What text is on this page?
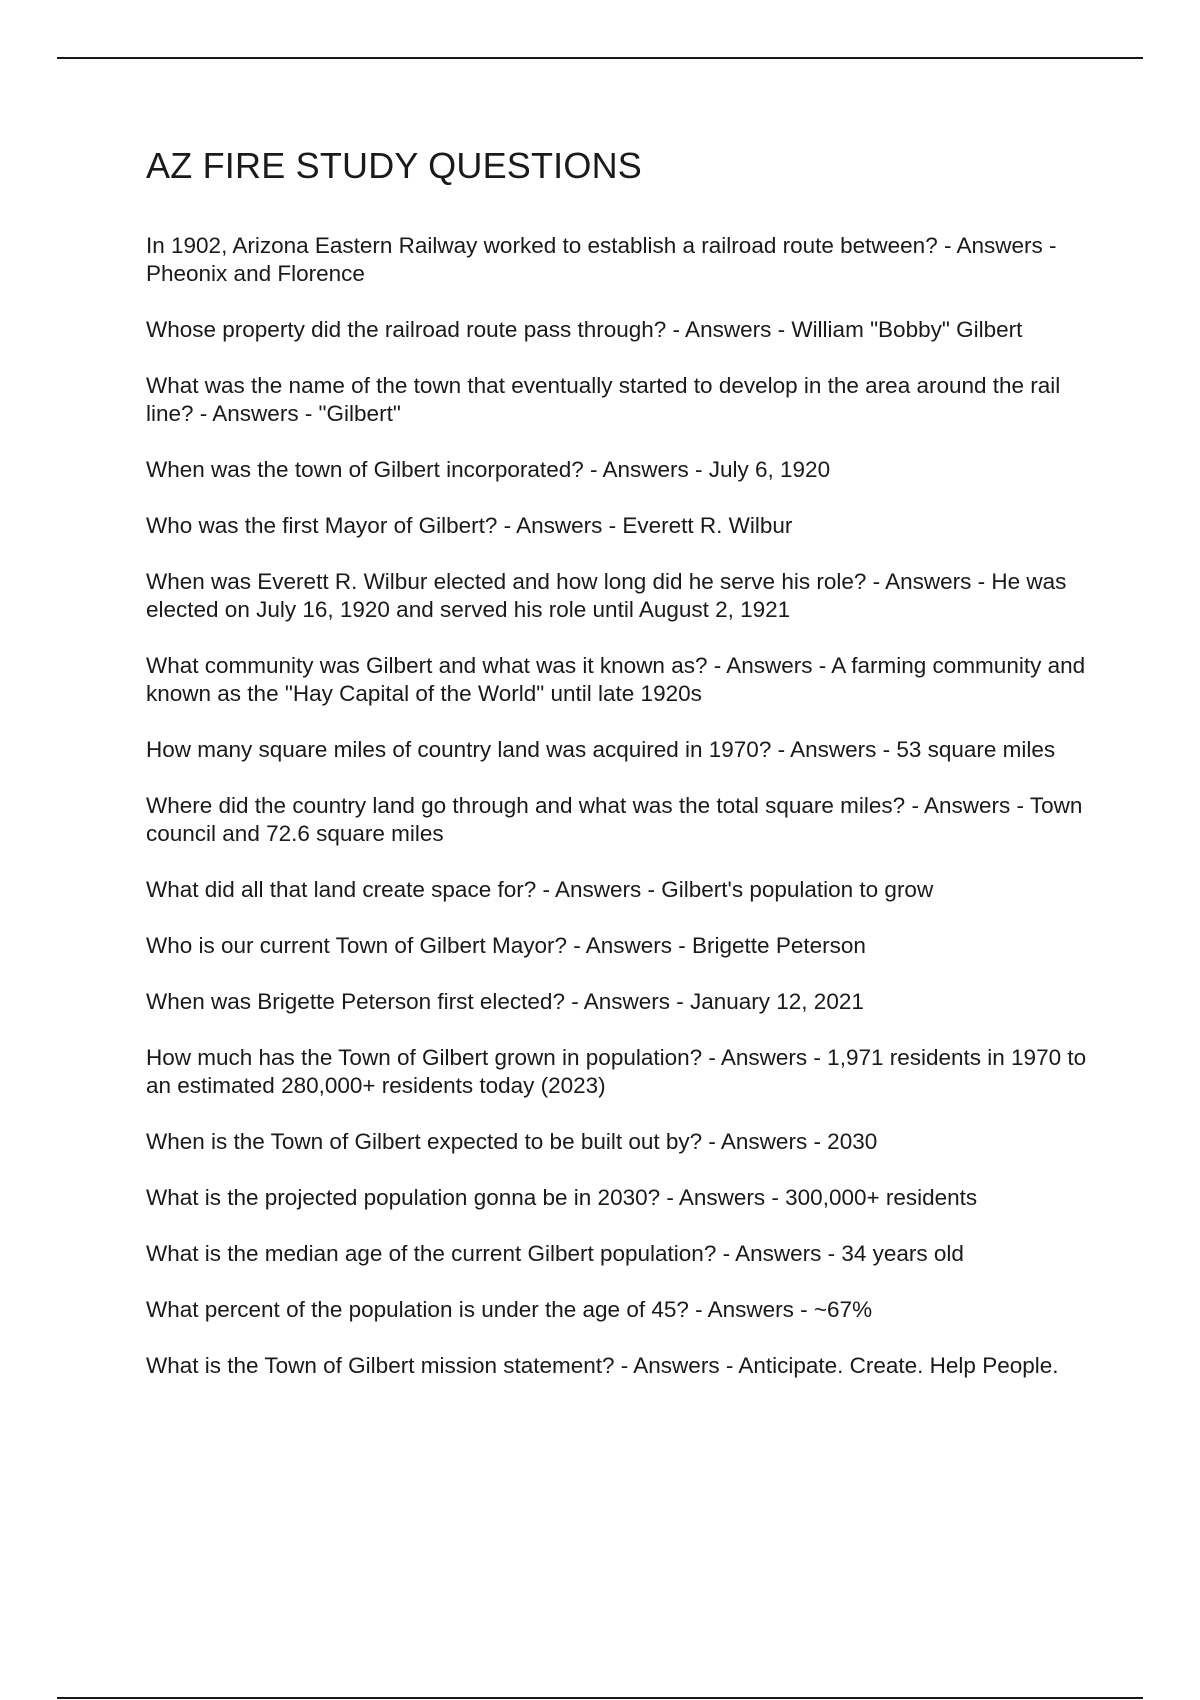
AZ FIRE STUDY QUESTIONS
In 1902, Arizona Eastern Railway worked to establish a railroad route between? - Answers - Pheonix and Florence
Whose property did the railroad route pass through? - Answers - William "Bobby" Gilbert
What was the name of the town that eventually started to develop in the area around the rail line? - Answers - "Gilbert"
When was the town of Gilbert incorporated? - Answers - July 6, 1920
Who was the first Mayor of Gilbert? - Answers - Everett R. Wilbur
When was Everett R. Wilbur elected and how long did he serve his role? - Answers - He was elected on July 16, 1920 and served his role until August 2, 1921
What community was Gilbert and what was it known as? - Answers - A farming community and known as the "Hay Capital of the World" until late 1920s
How many square miles of country land was acquired in 1970? - Answers - 53 square miles
Where did the country land go through and what was the total square miles? - Answers - Town council and 72.6 square miles
What did all that land create space for? - Answers - Gilbert's population to grow
Who is our current Town of Gilbert Mayor? - Answers - Brigette Peterson
When was Brigette Peterson first elected? - Answers - January 12, 2021
How much has the Town of Gilbert grown in population? - Answers - 1,971 residents in 1970 to an estimated 280,000+ residents today (2023)
When is the Town of Gilbert expected to be built out by? - Answers - 2030
What is the projected population gonna be in 2030? - Answers - 300,000+ residents
What is the median age of the current Gilbert population? - Answers - 34 years old
What percent of the population is under the age of 45? - Answers - ~67%
What is the Town of Gilbert mission statement? - Answers - Anticipate. Create. Help People.
